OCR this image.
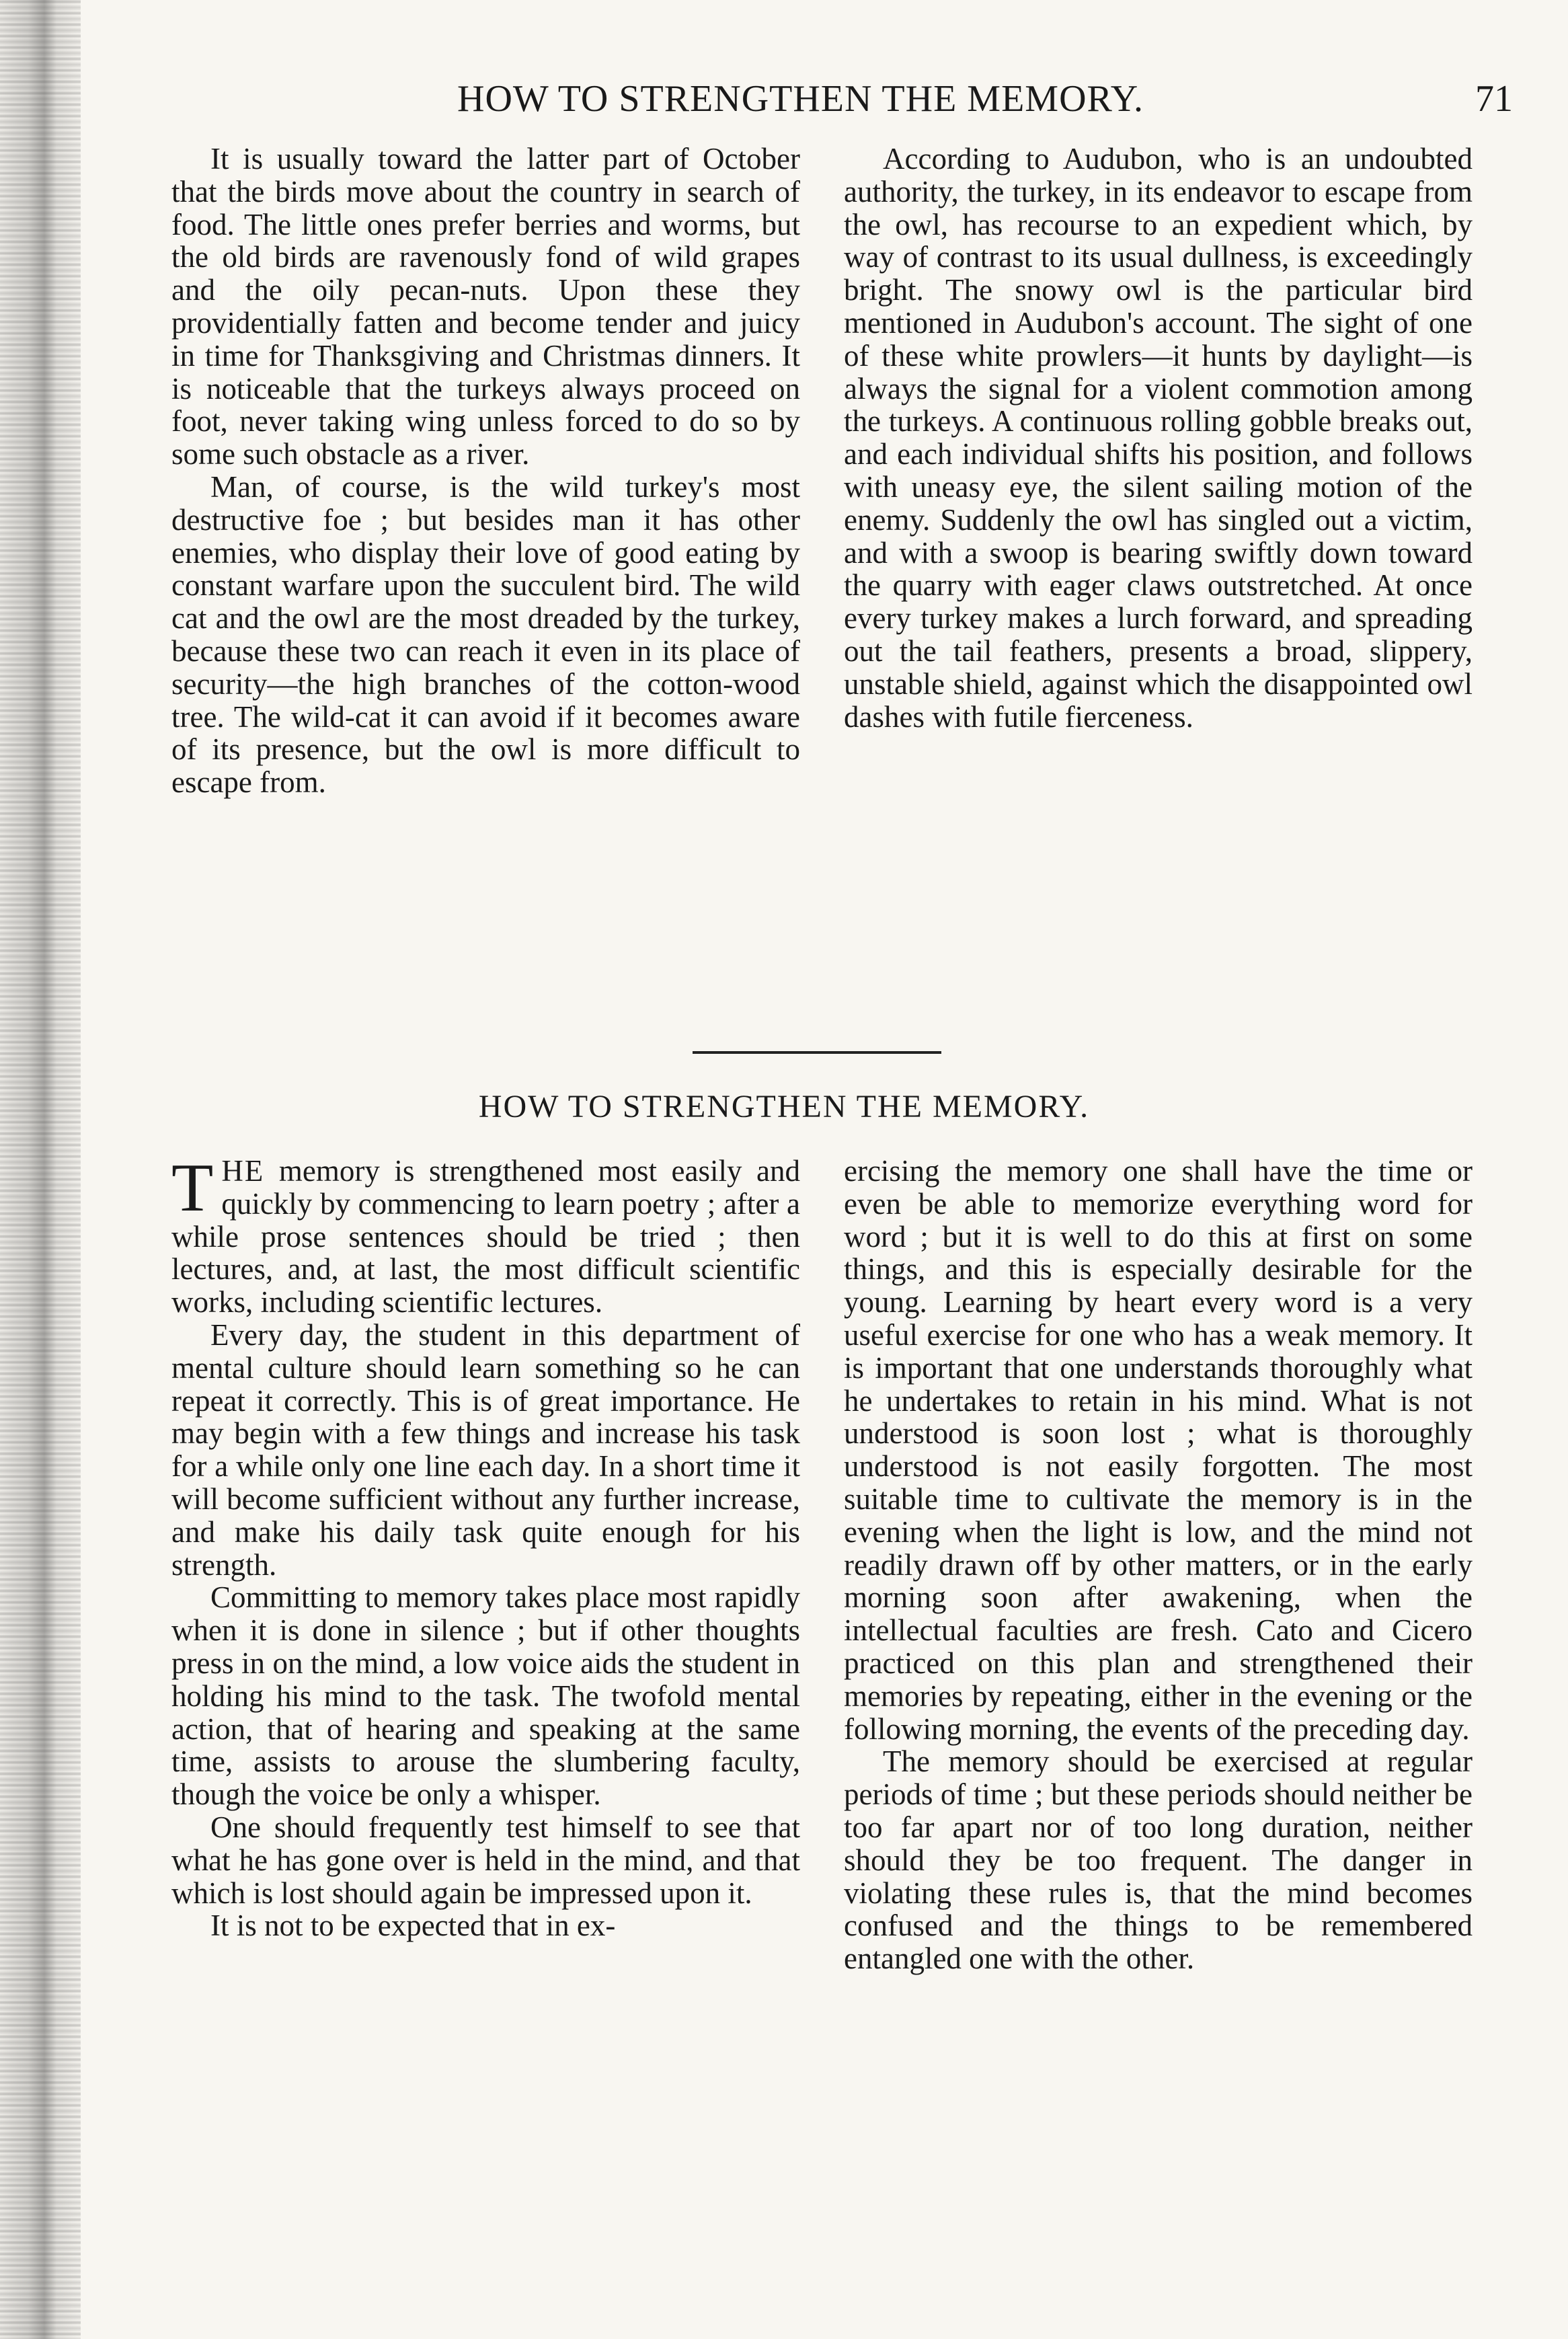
HOW TO STRENGTHEN THE MEMORY.	71

It is usually toward the latter part of October that the birds move about the country in search of food. The little ones prefer berries and worms, but the old birds are ravenously fond of wild grapes and the oily pecan-nuts. Upon these they providentially fatten and become tender and juicy in time for Thanksgiving and Christmas dinners. It is noticeable that the turkeys always proceed on foot, never taking wing unless forced to do so by some such obstacle as a river.

Man, of course, is the wild turkey's most destructive foe ; but besides man it has other enemies, who display their love of good eating by constant warfare upon the succulent bird. The wild cat and the owl are the most dreaded by the turkey, because these two can reach it even in its place of security—the high branches of the cotton-wood tree. The wild-cat it can avoid if it becomes aware of its presence, but the owl is more difficult to escape from.

According to Audubon, who is an undoubted authority, the turkey, in its endeavor to escape from the owl, has recourse to an expedient which, by way of contrast to its usual dullness, is exceedingly bright. The snowy owl is the particular bird mentioned in Audubon's account. The sight of one of these white prowlers—it hunts by daylight—is always the signal for a violent commotion among the turkeys. A continuous rolling gobble breaks out, and each individual shifts his position, and follows with uneasy eye, the silent sailing motion of the enemy. Suddenly the owl has singled out a victim, and with a swoop is bearing swiftly down toward the quarry with eager claws outstretched. At once every turkey makes a lurch forward, and spreading out the tail feathers, presents a broad, slippery, unstable shield, against which the disappointed owl dashes with futile fierceness.

HOW TO STRENGTHEN THE MEMORY.

THE memory is strengthened most easily and quickly by commencing to learn poetry ; after a while prose sentences should be tried ; then lectures, and, at last, the most difficult scientific works, including scientific lectures.

Every day, the student in this department of mental culture should learn something so he can repeat it correctly. This is of great importance. He may begin with a few things and increase his task for a while only one line each day. In a short time it will become sufficient without any further increase, and make his daily task quite enough for his strength.

Committing to memory takes place most rapidly when it is done in silence ; but if other thoughts press in on the mind, a low voice aids the student in holding his mind to the task. The twofold mental action, that of hearing and speaking at the same time, assists to arouse the slumbering faculty, though the voice be only a whisper.

One should frequently test himself to see that what he has gone over is held in the mind, and that which is lost should again be impressed upon it.

It is not to be expected that in ex-

ercising the memory one shall have the time or even be able to memorize everything word for word ; but it is well to do this at first on some things, and this is especially desirable for the young. Learning by heart every word is a very useful exercise for one who has a weak memory. It is important that one understands thoroughly what he undertakes to retain in his mind. What is not understood is soon lost ; what is thoroughly understood is not easily forgotten. The most suitable time to cultivate the memory is in the evening when the light is low, and the mind not readily drawn off by other matters, or in the early morning soon after awakening, when the intellectual faculties are fresh. Cato and Cicero practiced on this plan and strengthened their memories by repeating, either in the evening or the following morning, the events of the preceding day.

The memory should be exercised at regular periods of time ; but these periods should neither be too far apart nor of too long duration, neither should they be too frequent. The danger in violating these rules is, that the mind becomes confused and the things to be remembered entangled one with the other.
